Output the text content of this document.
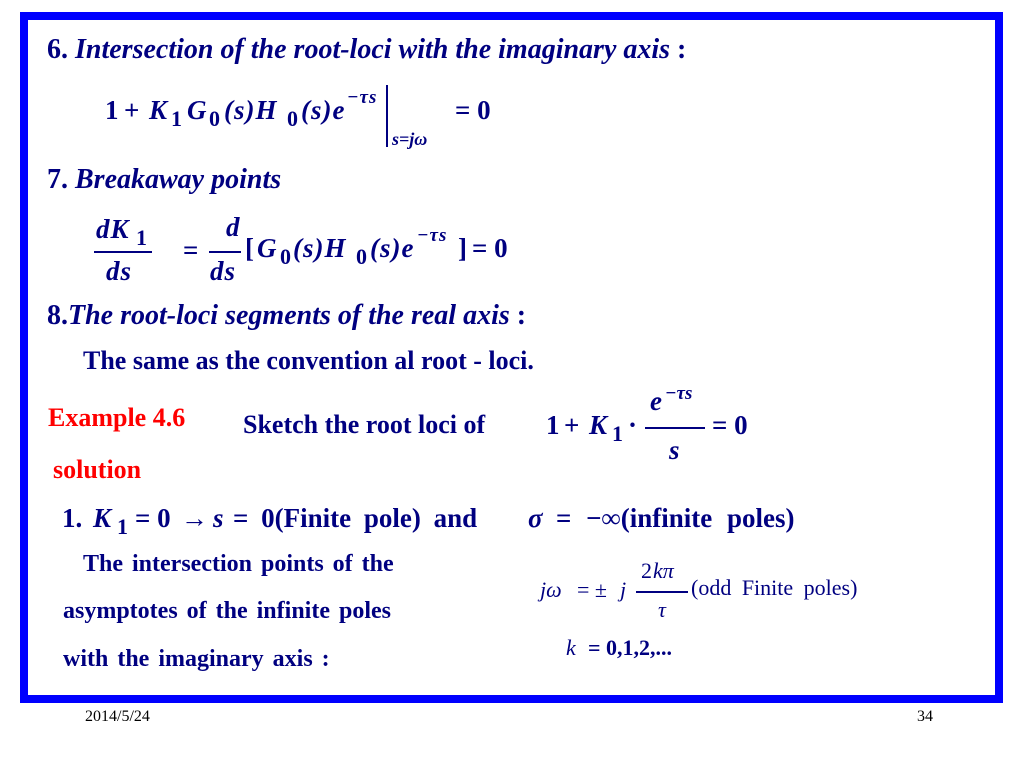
6. Intersection of the root-loci with the imaginary axis :
1 + K 1 G 0 (s)H 0 (s)e −τs	= 0
s=jω
7. Breakaway points
dK 1
ds
=
d
ds
[ G 0 (s)H 0 (s)e −τs ] = 0
8.The root-loci segments of the real axis :
The same as the convention al root - loci.
Example 4.6 Sketch the root loci of 1 + K 1 ·	= 0
e −τs
s
solution
1. K 1 = 0 → s = 0(Finite pole) and σ = −∞(infinite poles)
The intersection points of the
asymptotes of the infinite poles
with the imaginary axis :
jω = ± j
2 kπ
τ
(odd Finite poles)
k = 0,1,2,...
2014/5/24	34
